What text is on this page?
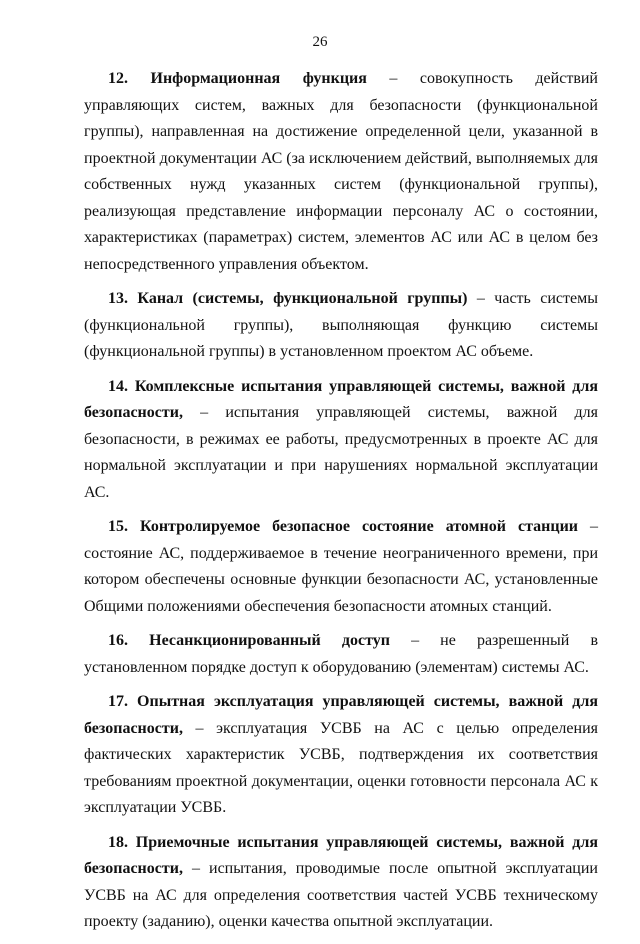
26

12. Информационная функция – совокупность действий управляющих систем, важных для безопасности (функциональной группы), направленная на достижение определенной цели, указанной в проектной документации АС (за исключением действий, выполняемых для собственных нужд указанных систем (функциональной группы), реализующая представление информации персоналу АС о состоянии, характеристиках (параметрах) систем, элементов АС или АС в целом без непосредственного управления объектом.

13. Канал (системы, функциональной группы) – часть системы (функциональной группы), выполняющая функцию системы (функциональной группы) в установленном проектом АС объеме.

14. Комплексные испытания управляющей системы, важной для безопасности, – испытания управляющей системы, важной для безопасности, в режимах ее работы, предусмотренных в проекте АС для нормальной эксплуатации и при нарушениях нормальной эксплуатации АС.

15. Контролируемое безопасное состояние атомной станции – состояние АС, поддерживаемое в течение неограниченного времени, при котором обеспечены основные функции безопасности АС, установленные Общими положениями обеспечения безопасности атомных станций.

16. Несанкционированный доступ – не разрешенный в установленном порядке доступ к оборудованию (элементам) системы АС.

17. Опытная эксплуатация управляющей системы, важной для безопасности, – эксплуатация УСВБ на АС с целью определения фактических характеристик УСВБ, подтверждения их соответствия требованиям проектной документации, оценки готовности персонала АС к эксплуатации УСВБ.

18. Приемочные испытания управляющей системы, важной для безопасности, – испытания, проводимые после опытной эксплуатации УСВБ на АС для определения соответствия частей УСВБ техническому проекту (заданию), оценки качества опытной эксплуатации.
